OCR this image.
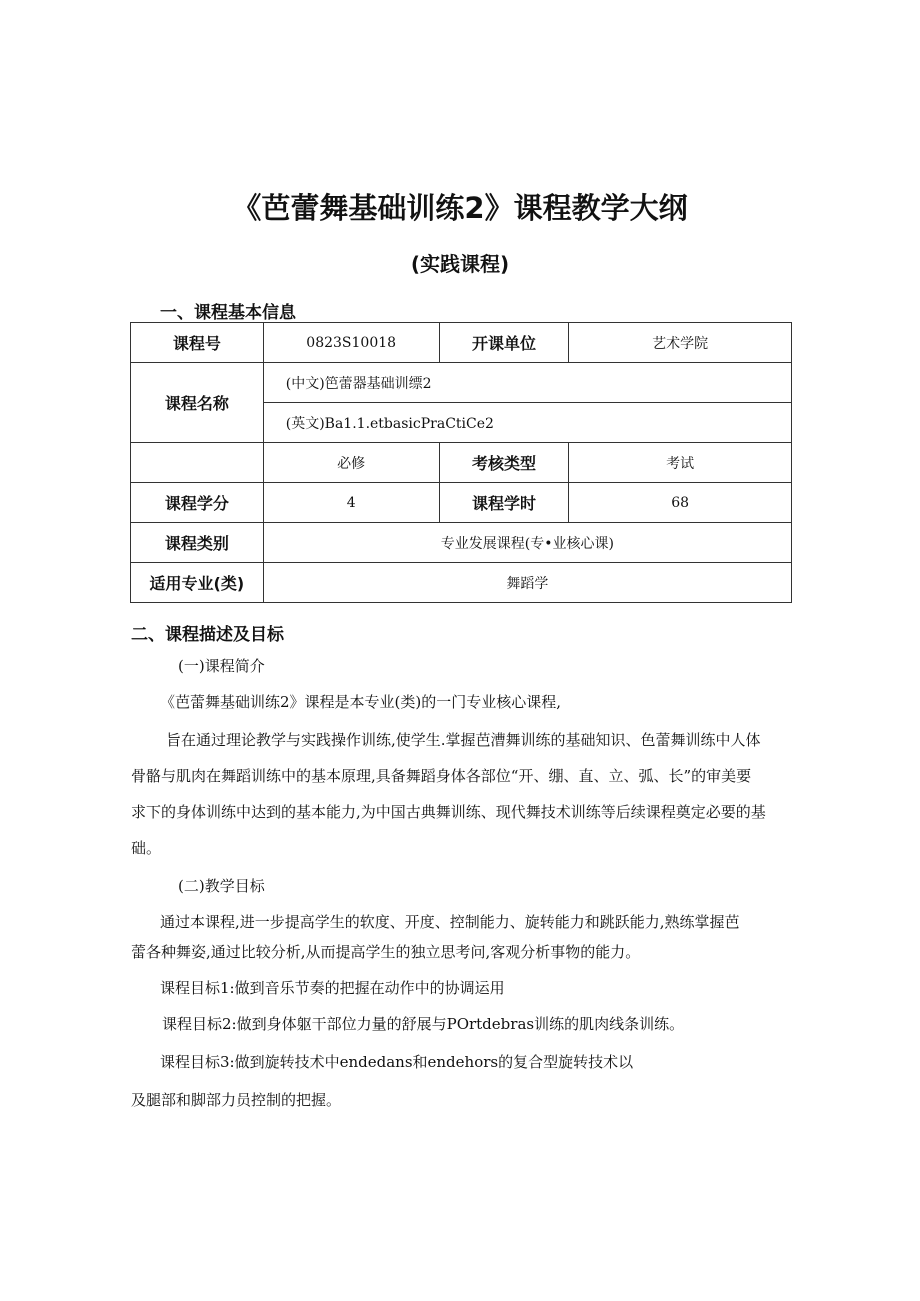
《芭蕾舞基础训练2》课程教学大纲
(实践课程)
一、课程基本信息
课程号	0823S10018	开课单位	艺术学院
课程名称	(中文)笆蕾器基础训缥2		
	(英文)Ba1.1.etbasicPraCtiCe2		
	必修	考核类型	考试
课程学分	4	课程学时	68
课程类别	专业发展课程(专•业核心课)		
适用专业(类)	舞蹈学		
二、课程描述及目标
(一)课程简介
《芭蕾舞基础训练2》课程是本专业(类)的一门专业核心课程,
旨在通过理论教学与实践操作训练,使学生.掌握芭漕舞训练的基础知识、色蕾舞训练中人体
骨骼与肌肉在舞蹈训练中的基本原理,具备舞蹈身体各部位“开、绷、直、立、弧、长”的审美要
求下的身体训练中达到的基本能力,为中国古典舞训练、现代舞技术训练等后续课程奠定必要的基
础。
(二)教学目标
通过本课程,进一步提高学生的软度、开度、控制能力、旋转能力和跳跃能力,熟练掌握芭
蕾各种舞姿,通过比较分析,从而提高学生的独立思考问,客观分析事物的能力。
课程目标1:做到音乐节奏的把握在动作中的协调运用
课程目标2:做到身体躯干部位力量的舒展与POrtdebras训练的肌肉线条训练。
课程目标3:做到旋转技术中endedans和endehors的复合型旋转技术以
及腿部和脚部力员控制的把握。
